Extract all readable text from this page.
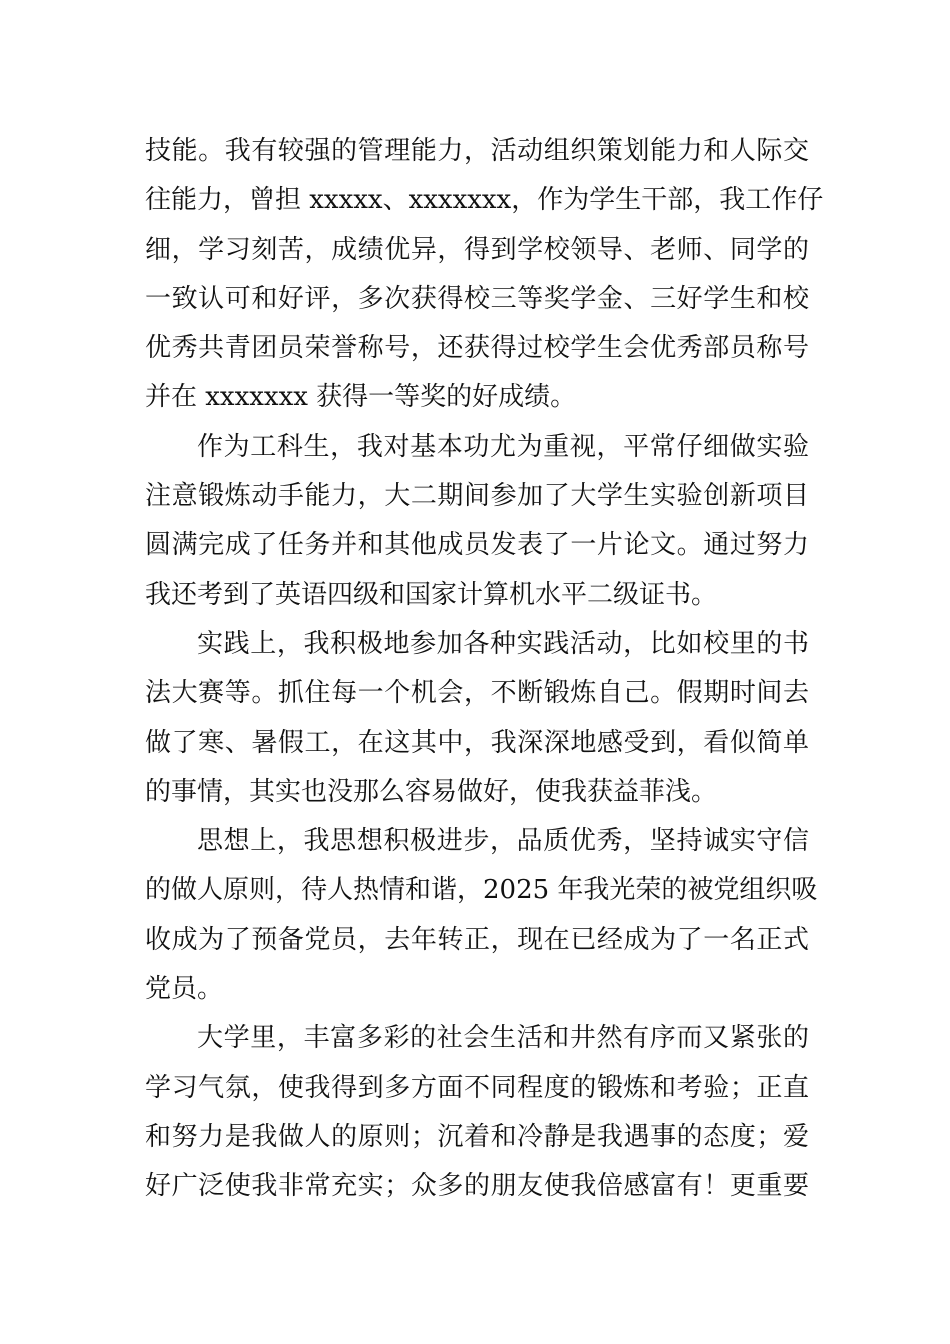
技能。我有较强的管理能力，活动组织策划能力和人际交
往能力，曾担 xxxxx、xxxxxxx，作为学生干部，我工作仔
细，学习刻苦，成绩优异，得到学校领导、老师、同学的
一致认可和好评，多次获得校三等奖学金、三好学生和校
优秀共青团员荣誉称号，还获得过校学生会优秀部员称号
并在 xxxxxxx 获得一等奖的好成绩。
作为工科生，我对基本功尤为重视，平常仔细做实验
注意锻炼动手能力，大二期间参加了大学生实验创新项目
圆满完成了任务并和其他成员发表了一片论文。通过努力
我还考到了英语四级和国家计算机水平二级证书。
实践上，我积极地参加各种实践活动，比如校里的书
法大赛等。抓住每一个机会，不断锻炼自己。假期时间去
做了寒、暑假工，在这其中，我深深地感受到，看似简单
的事情，其实也没那么容易做好，使我获益菲浅。
思想上，我思想积极进步，品质优秀，坚持诚实守信
的做人原则，待人热情和谐，2025 年我光荣的被党组织吸
收成为了预备党员，去年转正，现在已经成为了一名正式
党员。
大学里，丰富多彩的社会生活和井然有序而又紧张的
学习气氛，使我得到多方面不同程度的锻炼和考验；正直
和努力是我做人的原则；沉着和冷静是我遇事的态度；爱
好广泛使我非常充实；众多的朋友使我倍感富有！更重要
